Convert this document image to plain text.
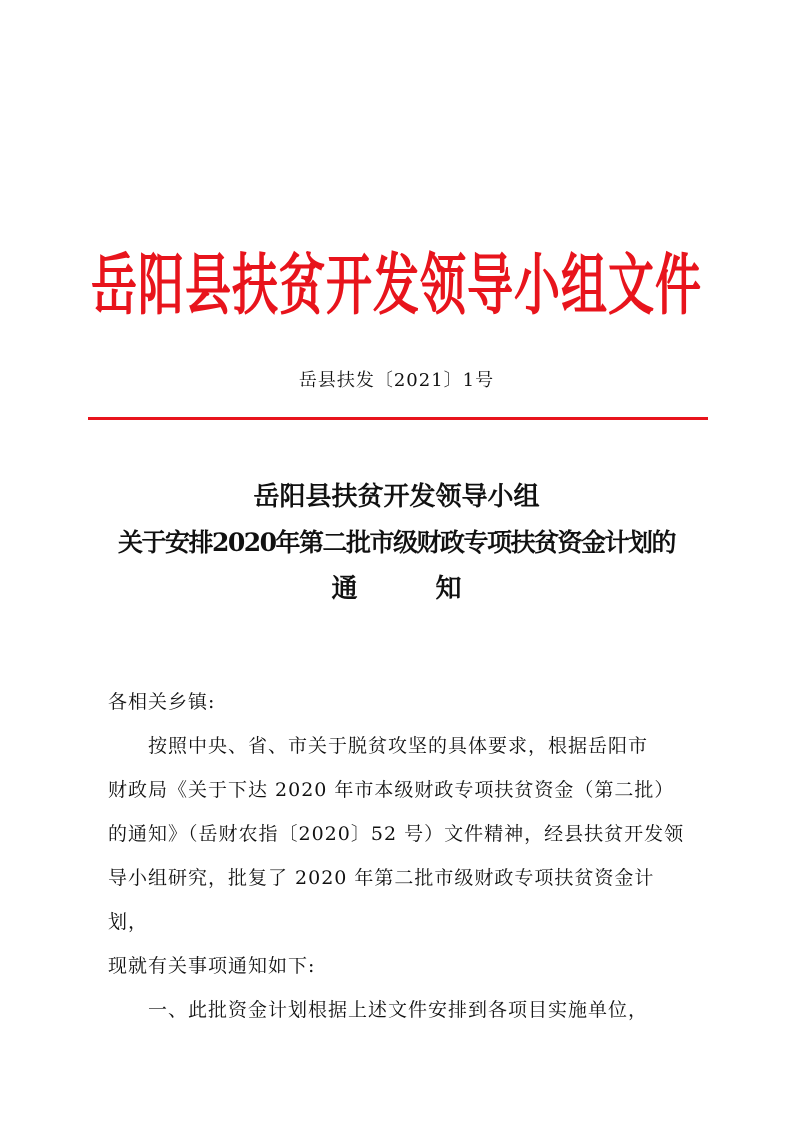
岳阳县扶贫开发领导小组文件
岳县扶发〔2021〕1号
岳阳县扶贫开发领导小组
关于安排2020年第二批市级财政专项扶贫资金计划的
通	知

各相关乡镇:

按照中央、省、市关于脱贫攻坚的具体要求，根据岳阳市

财政局《关于下达 2020 年市本级财政专项扶贫资金（第二批）

的通知》（岳财农指〔2020〕52 号）文件精神，经县扶贫开发领

导小组研究，批复了 2020 年第二批市级财政专项扶贫资金计划，

现就有关事项通知如下:

一、此批资金计划根据上述文件安排到各项目实施单位，
